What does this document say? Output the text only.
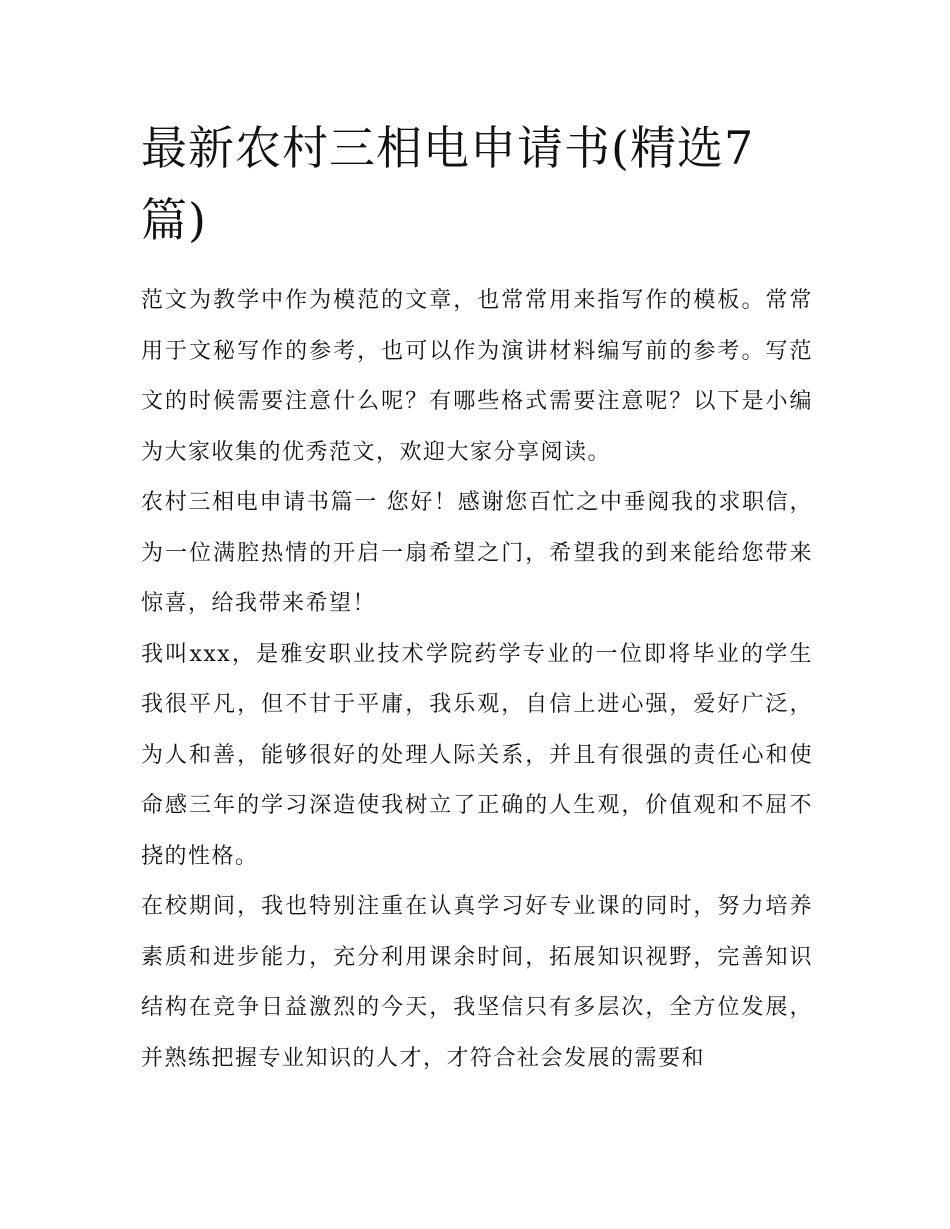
最新农村三相电申请书(精选7篇)

范文为教学中作为模范的文章，也常常用来指写作的模板。常常用于文秘写作的参考，也可以作为演讲材料编写前的参考。写范文的时候需要注意什么呢？有哪些格式需要注意呢？以下是小编为大家收集的优秀范文，欢迎大家分享阅读。

农村三相电申请书篇一 您好！感谢您百忙之中垂阅我的求职信，为一位满腔热情的开启一扇希望之门，希望我的到来能给您带来惊喜，给我带来希望！

我叫xxx，是雅安职业技术学院药学专业的一位即将毕业的学生我很平凡，但不甘于平庸，我乐观，自信上进心强，爱好广泛，为人和善，能够很好的处理人际关系，并且有很强的责任心和使命感三年的学习深造使我树立了正确的人生观，价值观和不屈不挠的性格。

在校期间，我也特别注重在认真学习好专业课的同时，努力培养素质和进步能力，充分利用课余时间，拓展知识视野，完善知识结构在竞争日益激烈的今天，我坚信只有多层次，全方位发展，并熟练把握专业知识的人才，才符合社会发展的需要和
